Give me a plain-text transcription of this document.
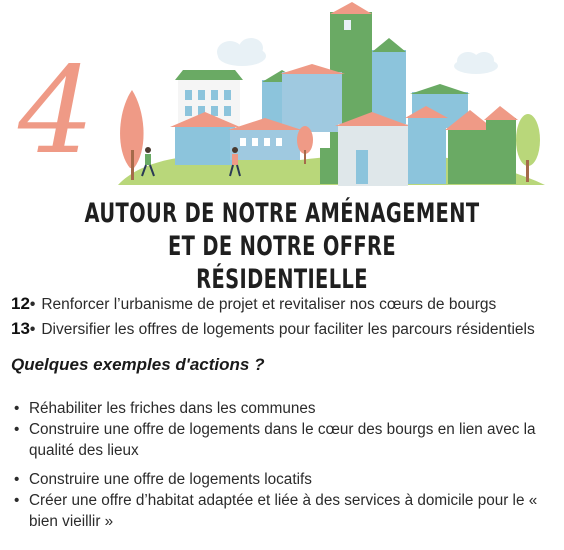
4
AUTOUR DE NOTRE AMÉNAGEMENT
ET DE NOTRE OFFRE RÉSIDENTIELLE
12• Renforcer l’urbanisme de projet et revitaliser nos cœurs de bourgs
13• Diversifier les offres de logements pour faciliter les parcours résidentiels
Quelques exemples d'actions ?
• Réhabiliter les friches dans les communes
• Construire une offre de logements dans le cœur des bourgs en lien avec la qualité des lieux
• Construire une offre de logements locatifs
• Créer une offre d’habitat adaptée et liée à des services à domicile pour le « bien vieillir »
